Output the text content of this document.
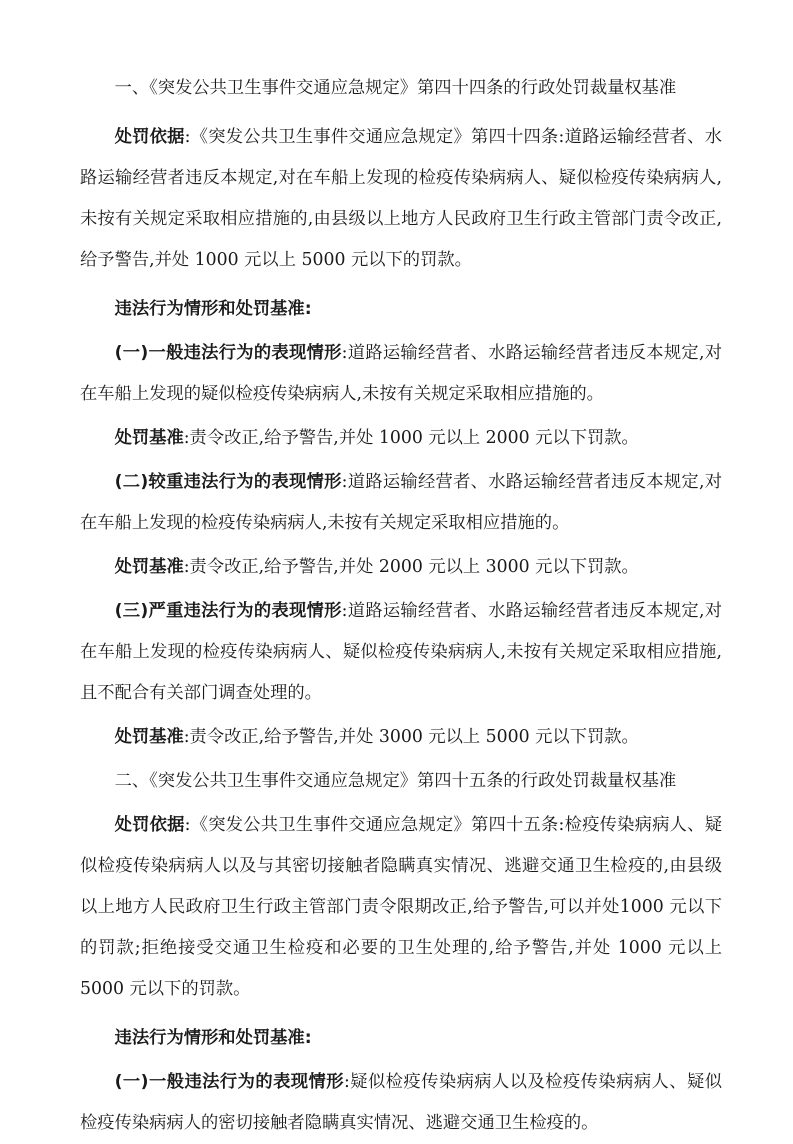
一、《突发公共卫生事件交通应急规定》第四十四条的行政处罚裁量权基准

处罚依据:《突发公共卫生事件交通应急规定》第四十四条:道路运输经营者、水路运输经营者违反本规定,对在车船上发现的检疫传染病病人、疑似检疫传染病病人,未按有关规定采取相应措施的,由县级以上地方人民政府卫生行政主管部门责令改正,给予警告,并处 1000 元以上 5000 元以下的罚款。

违法行为情形和处罚基准:

(一)一般违法行为的表现情形:道路运输经营者、水路运输经营者违反本规定,对在车船上发现的疑似检疫传染病病人,未按有关规定采取相应措施的。

处罚基准:责令改正,给予警告,并处 1000 元以上 2000 元以下罚款。

(二)较重违法行为的表现情形:道路运输经营者、水路运输经营者违反本规定,对在车船上发现的检疫传染病病人,未按有关规定采取相应措施的。

处罚基准:责令改正,给予警告,并处 2000 元以上 3000 元以下罚款。

(三)严重违法行为的表现情形:道路运输经营者、水路运输经营者违反本规定,对在车船上发现的检疫传染病病人、疑似检疫传染病病人,未按有关规定采取相应措施,且不配合有关部门调查处理的。

处罚基准:责令改正,给予警告,并处 3000 元以上 5000 元以下罚款。

二、《突发公共卫生事件交通应急规定》第四十五条的行政处罚裁量权基准

处罚依据:《突发公共卫生事件交通应急规定》第四十五条:检疫传染病病人、疑似检疫传染病病人以及与其密切接触者隐瞒真实情况、逃避交通卫生检疫的,由县级以上地方人民政府卫生行政主管部门责令限期改正,给予警告,可以并处1000 元以下的罚款;拒绝接受交通卫生检疫和必要的卫生处理的,给予警告,并处 1000 元以上 5000 元以下的罚款。

违法行为情形和处罚基准:

(一)一般违法行为的表现情形:疑似检疫传染病病人以及检疫传染病病人、疑似检疫传染病病人的密切接触者隐瞒真实情况、逃避交通卫生检疫的。
